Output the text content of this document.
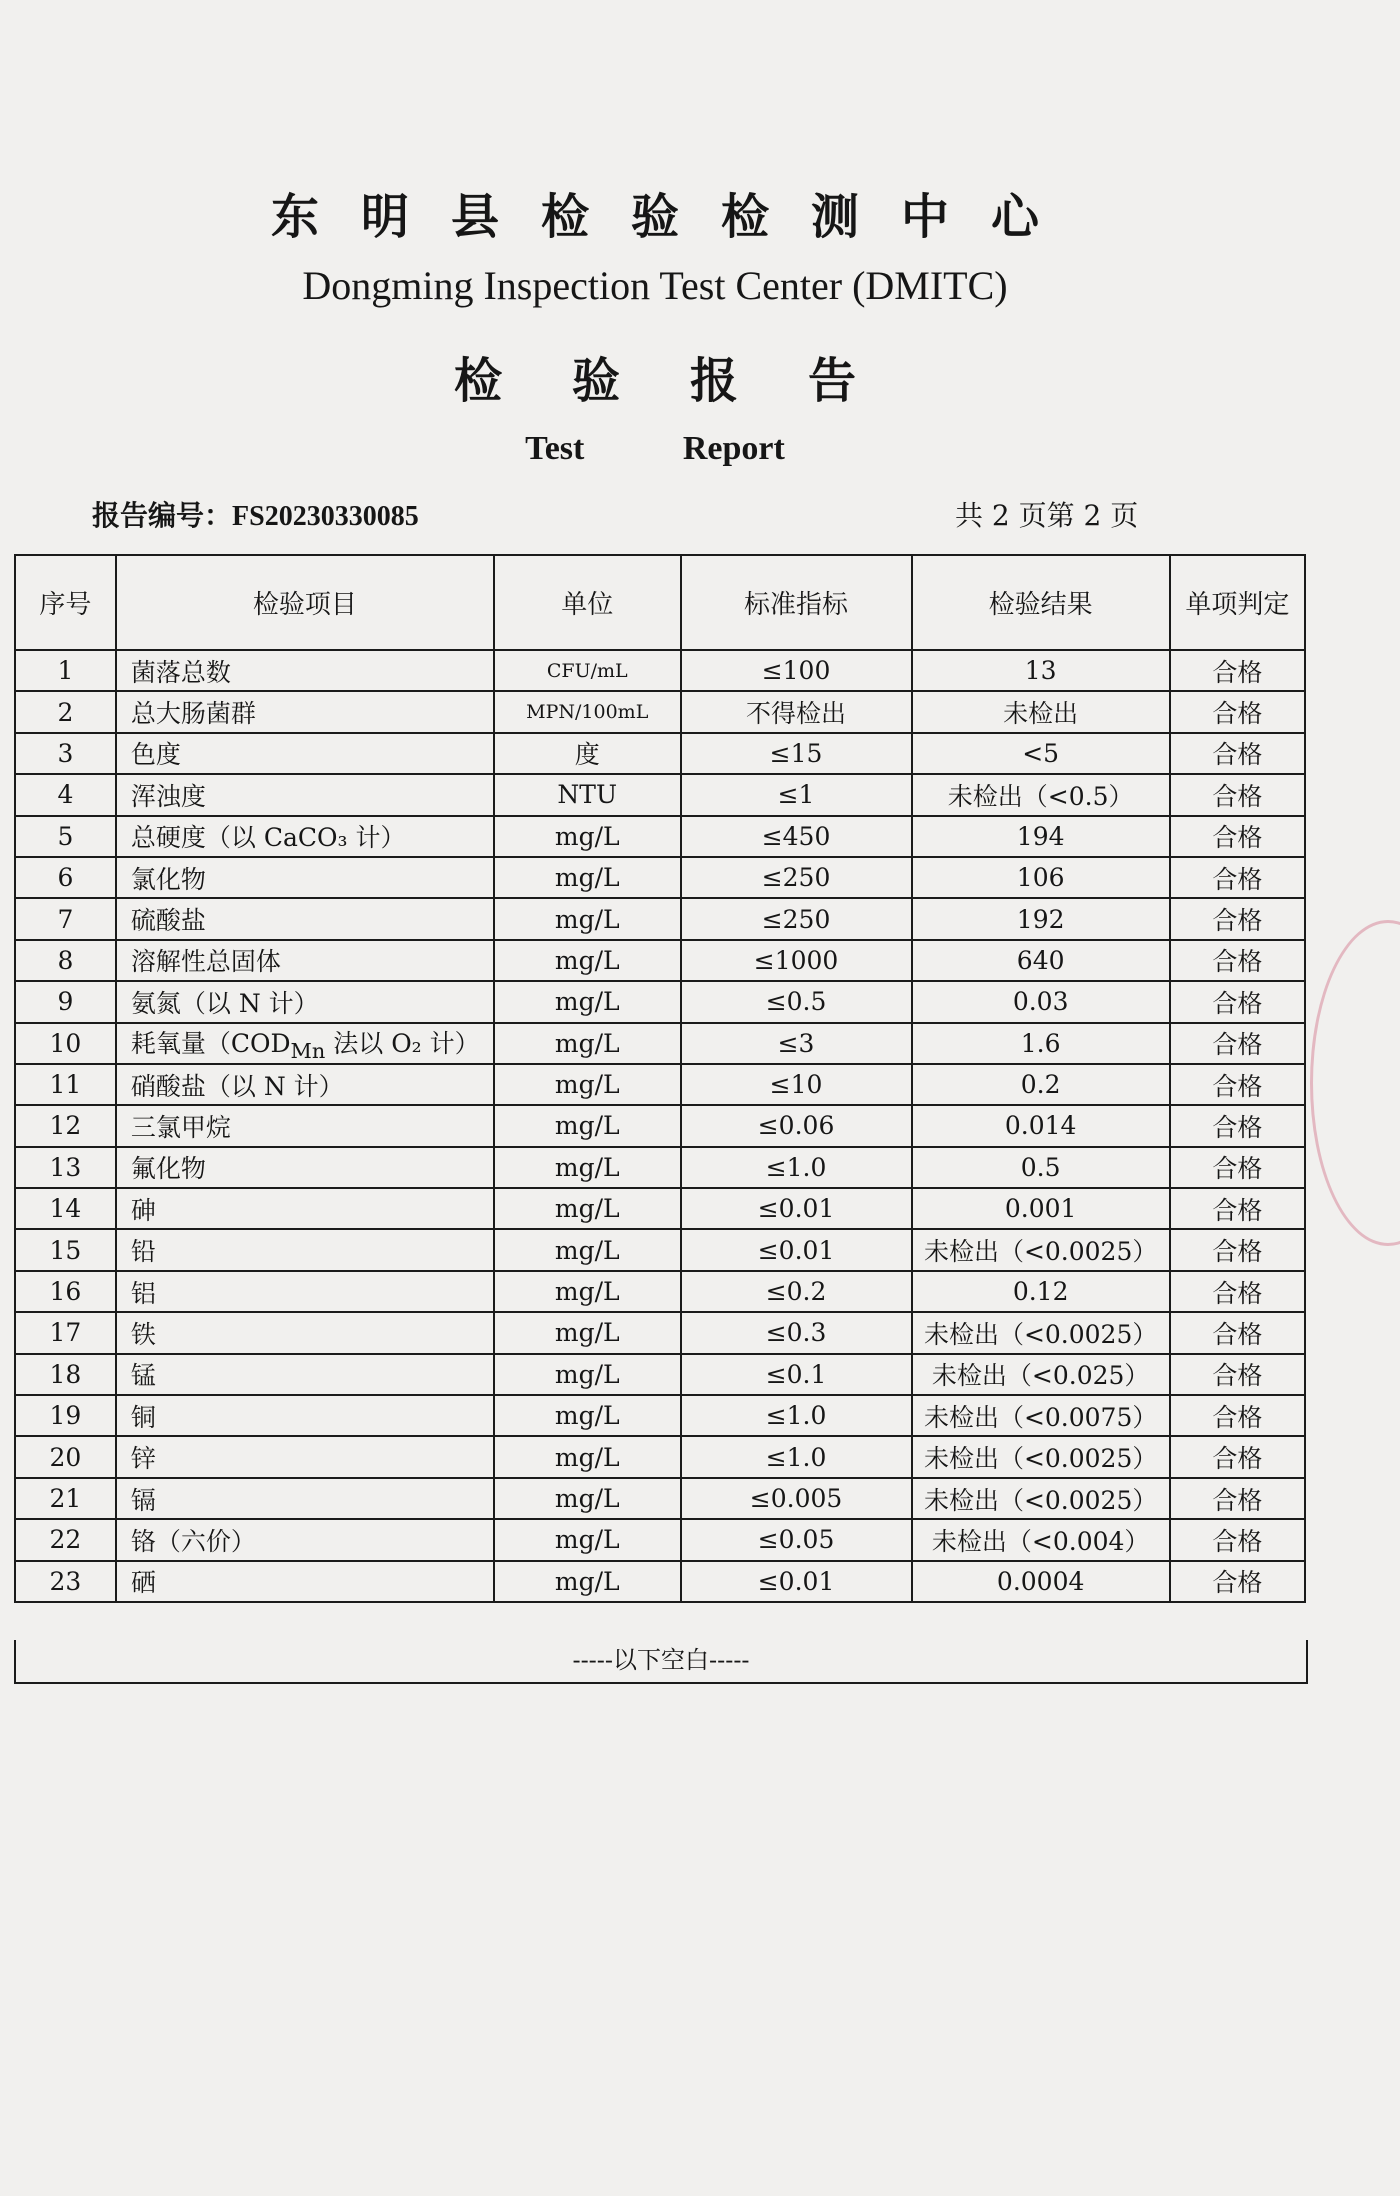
东明县检验检测中心
Dongming Inspection Test Center (DMITC)
检验报告
Test	Report
报告编号：FS20230330085	共 2 页第 2 页
序号	检验项目	单位	标准指标	检验结果	单项判定
1	菌落总数	CFU/mL	≤100	13	合格
2	总大肠菌群	MPN/100mL	不得检出	未检出	合格
3	色度	度	≤15	<5	合格
4	浑浊度	NTU	≤1	未检出（<0.5）	合格
5	总硬度（以 CaCO₃ 计）	mg/L	≤450	194	合格
6	氯化物	mg/L	≤250	106	合格
7	硫酸盐	mg/L	≤250	192	合格
8	溶解性总固体	mg/L	≤1000	640	合格
9	氨氮（以 N 计）	mg/L	≤0.5	0.03	合格
10	耗氧量（$COD_{Mn}$ 法以 O₂ 计）	mg/L	≤3	1.6	合格
11	硝酸盐（以 N 计）	mg/L	≤10	0.2	合格
12	三氯甲烷	mg/L	≤0.06	0.014	合格
13	氟化物	mg/L	≤1.0	0.5	合格
14	砷	mg/L	≤0.01	0.001	合格
15	铅	mg/L	≤0.01	未检出（<0.0025）	合格
16	铝	mg/L	≤0.2	0.12	合格
17	铁	mg/L	≤0.3	未检出（<0.0025）	合格
18	锰	mg/L	≤0.1	未检出（<0.025）	合格
19	铜	mg/L	≤1.0	未检出（<0.0075）	合格
20	锌	mg/L	≤1.0	未检出（<0.0025）	合格
21	镉	mg/L	≤0.005	未检出（<0.0025）	合格
22	铬（六价）	mg/L	≤0.05	未检出（<0.004）	合格
23	硒	mg/L	≤0.01	0.0004	合格
-----以下空白-----
